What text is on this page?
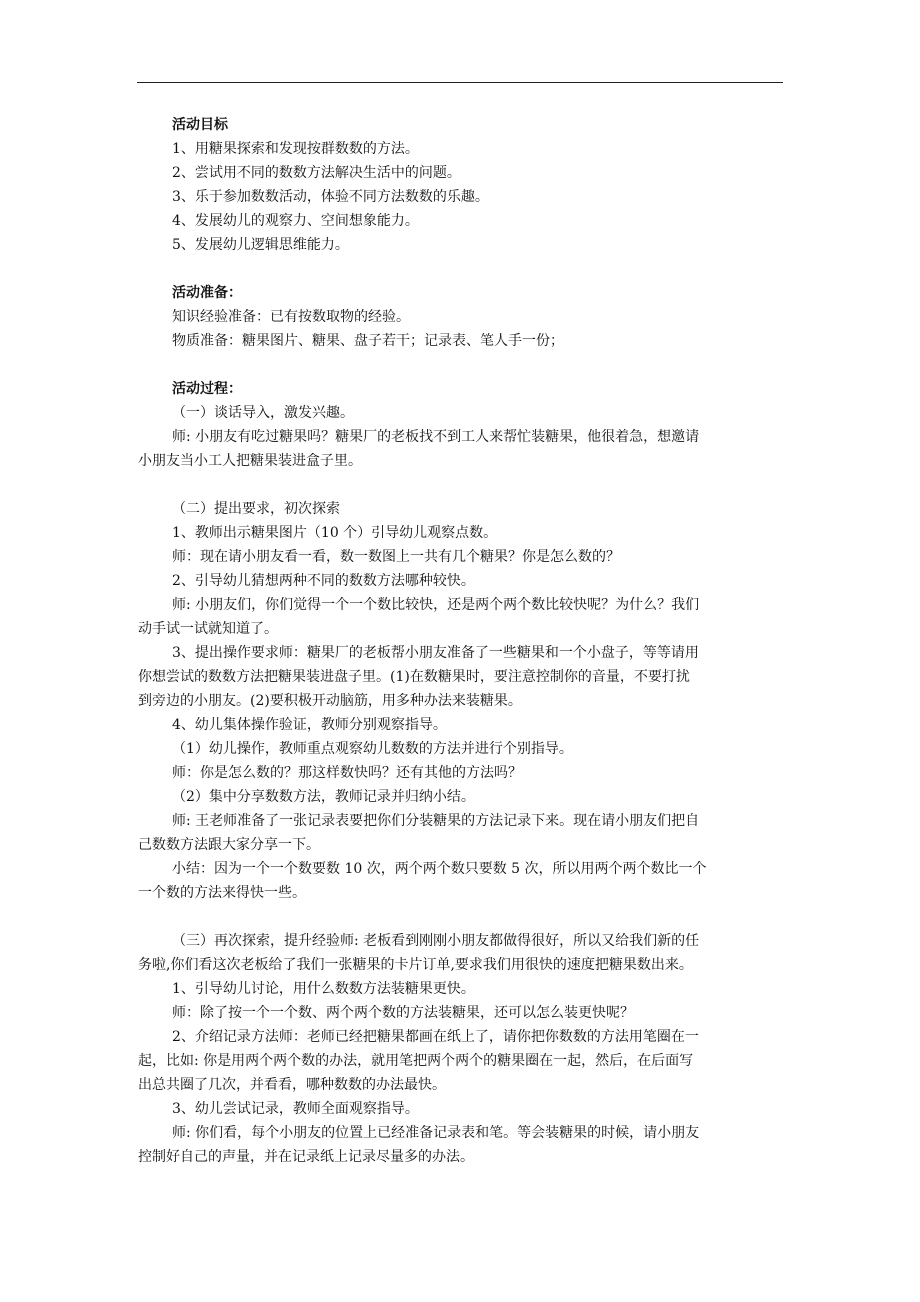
活动目标
1、用糖果探索和发现按群数数的方法。
2、尝试用不同的数数方法解决生活中的问题。
3、乐于参加数数活动，体验不同方法数数的乐趣。
4、发展幼儿的观察力、空间想象能力。
5、发展幼儿逻辑思维能力。
活动准备：
知识经验准备：已有按数取物的经验。
物质准备：糖果图片、糖果、盘子若干；记录表、笔人手一份；
活动过程：
（一）谈话导入，激发兴趣。
师: 小朋友有吃过糖果吗？糖果厂的老板找不到工人来帮忙装糖果，他很着急，想邀请
小朋友当小工人把糖果装进盒子里。
（二）提出要求，初次探索
1、教师出示糖果图片（10 个）引导幼儿观察点数。
师：现在请小朋友看一看，数一数图上一共有几个糖果？你是怎么数的？
2、引导幼儿猜想两种不同的数数方法哪种较快。
师: 小朋友们，你们觉得一个一个数比较快，还是两个两个数比较快呢？为什么？我们
动手试一试就知道了。
3、提出操作要求师：糖果厂的老板帮小朋友准备了一些糖果和一个小盘子，等等请用
你想尝试的数数方法把糖果装进盘子里。(1)在数糖果时，要注意控制你的音量，不要打扰
到旁边的小朋友。(2)要积极开动脑筋，用多种办法来装糖果。
4、幼儿集体操作验证，教师分别观察指导。
（1）幼儿操作，教师重点观察幼儿数数的方法并进行个别指导。
师：你是怎么数的？那这样数快吗？还有其他的方法吗？
（2）集中分享数数方法，教师记录并归纳小结。
师: 王老师准备了一张记录表要把你们分装糖果的方法记录下来。现在请小朋友们把自
己数数方法跟大家分享一下。
小结：因为一个一个数要数 10 次，两个两个数只要数 5 次，所以用两个两个数比一个
一个数的方法来得快一些。
（三）再次探索，提升经验师: 老板看到刚刚小朋友都做得很好，所以又给我们新的任
务啦,你们看这次老板给了我们一张糖果的卡片订单,要求我们用很快的速度把糖果数出来。
1、引导幼儿讨论，用什么数数方法装糖果更快。
师：除了按一个一个数、两个两个数的方法装糖果，还可以怎么装更快呢？
2、介绍记录方法师：老师已经把糖果都画在纸上了，请你把你数数的方法用笔圈在一
起，比如: 你是用两个两个数的办法，就用笔把两个两个的糖果圈在一起，然后，在后面写
出总共圈了几次，并看看，哪种数数的办法最快。
3、幼儿尝试记录，教师全面观察指导。
师: 你们看，每个小朋友的位置上已经准备记录表和笔。等会装糖果的时候，请小朋友
控制好自己的声量，并在记录纸上记录尽量多的办法。
